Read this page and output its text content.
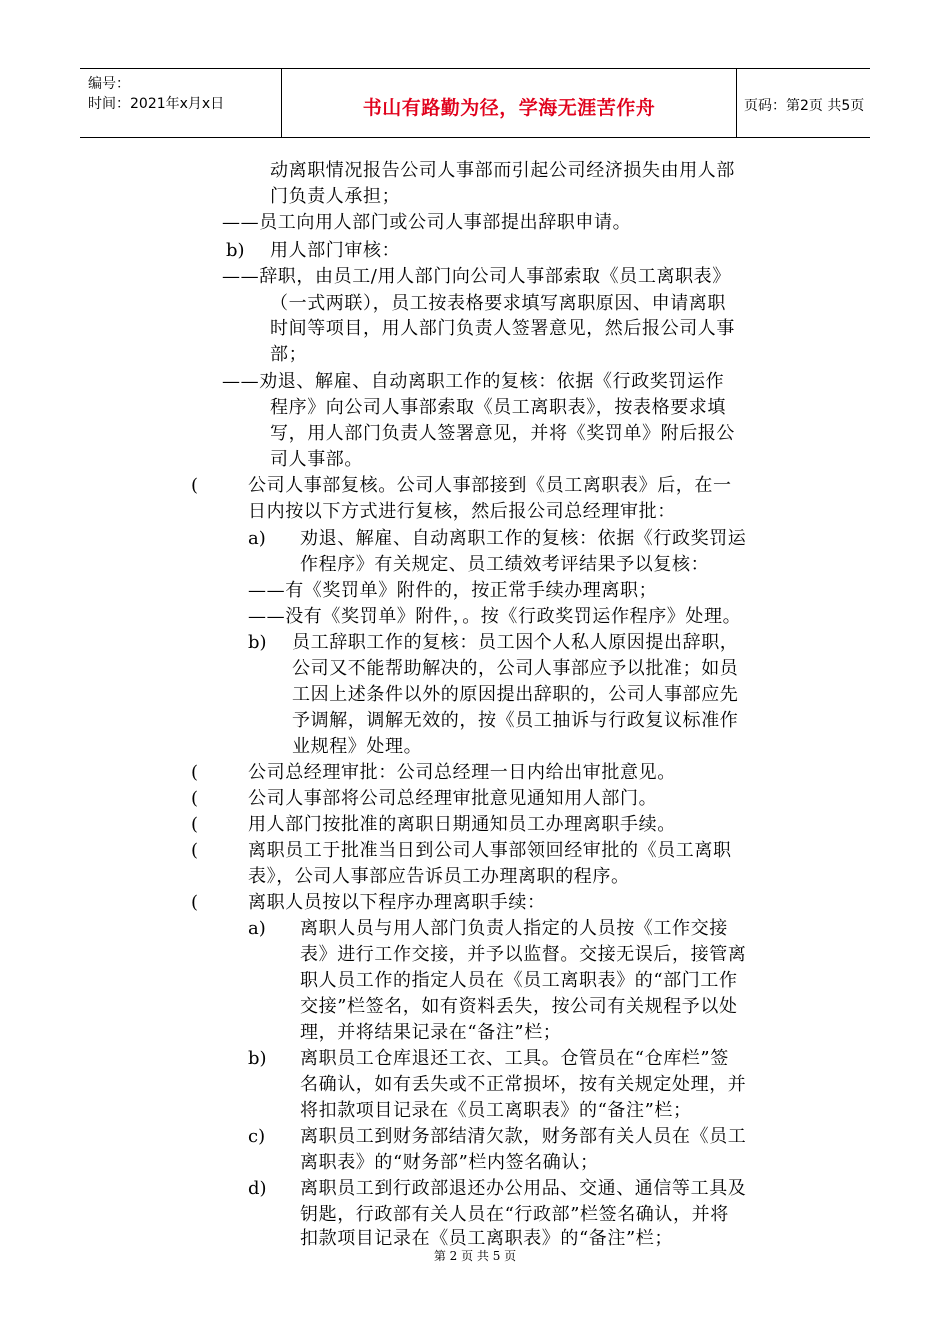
编号：
时间：2021年x月x日	书山有路勤为径，学海无涯苦作舟	页码：第2页 共5页
动离职情况报告公司人事部而引起公司经济损失由用人部
门负责人承担；
——员工向用人部门或公司人事部提出辞职申请。
b) 用人部门审核：
——辞职，由员工/用人部门向公司人事部索取《员工离职表》
（一式两联），员工按表格要求填写离职原因、申请离职
时间等项目，用人部门负责人签署意见，然后报公司人事
部；
——劝退、解雇、自动离职工作的复核：依据《行政奖罚运作
程序》向公司人事部索取《员工离职表》，按表格要求填
写，用人部门负责人签署意见，并将《奖罚单》附后报公
司人事部。
(	公司人事部复核。公司人事部接到《员工离职表》后，在一
日内按以下方式进行复核，然后报公司总经理审批：
a) 劝退、解雇、自动离职工作的复核：依据《行政奖罚运
作程序》有关规定、员工绩效考评结果予以复核：
——有《奖罚单》附件的，按正常手续办理离职；
——没有《奖罚单》附件，。按《行政奖罚运作程序》处理。
b) 员工辞职工作的复核：员工因个人私人原因提出辞职，
公司又不能帮助解决的，公司人事部应予以批准；如员
工因上述条件以外的原因提出辞职的，公司人事部应先
予调解，调解无效的，按《员工抽诉与行政复议标准作
业规程》处理。
(	公司总经理审批：公司总经理一日内给出审批意见。
(	公司人事部将公司总经理审批意见通知用人部门。
(	用人部门按批准的离职日期通知员工办理离职手续。
(	离职员工于批准当日到公司人事部领回经审批的《员工离职
表》，公司人事部应告诉员工办理离职的程序。
(	离职人员按以下程序办理离职手续：
a) 离职人员与用人部门负责人指定的人员按《工作交接
表》进行工作交接，并予以监督。交接无误后，接管离
职人员工作的指定人员在《员工离职表》的“部门工作
交接”栏签名，如有资料丢失，按公司有关规程予以处
理，并将结果记录在“备注”栏；
b) 离职员工仓库退还工衣、工具。仓管员在“仓库栏”签
名确认，如有丢失或不正常损坏，按有关规定处理，并
将扣款项目记录在《员工离职表》的“备注”栏；
c) 离职员工到财务部结清欠款，财务部有关人员在《员工
离职表》的“财务部”栏内签名确认；
d) 离职员工到行政部退还办公用品、交通、通信等工具及
钥匙，行政部有关人员在“行政部”栏签名确认，并将
扣款项目记录在《员工离职表》的“备注”栏；
第 2 页 共 5 页
